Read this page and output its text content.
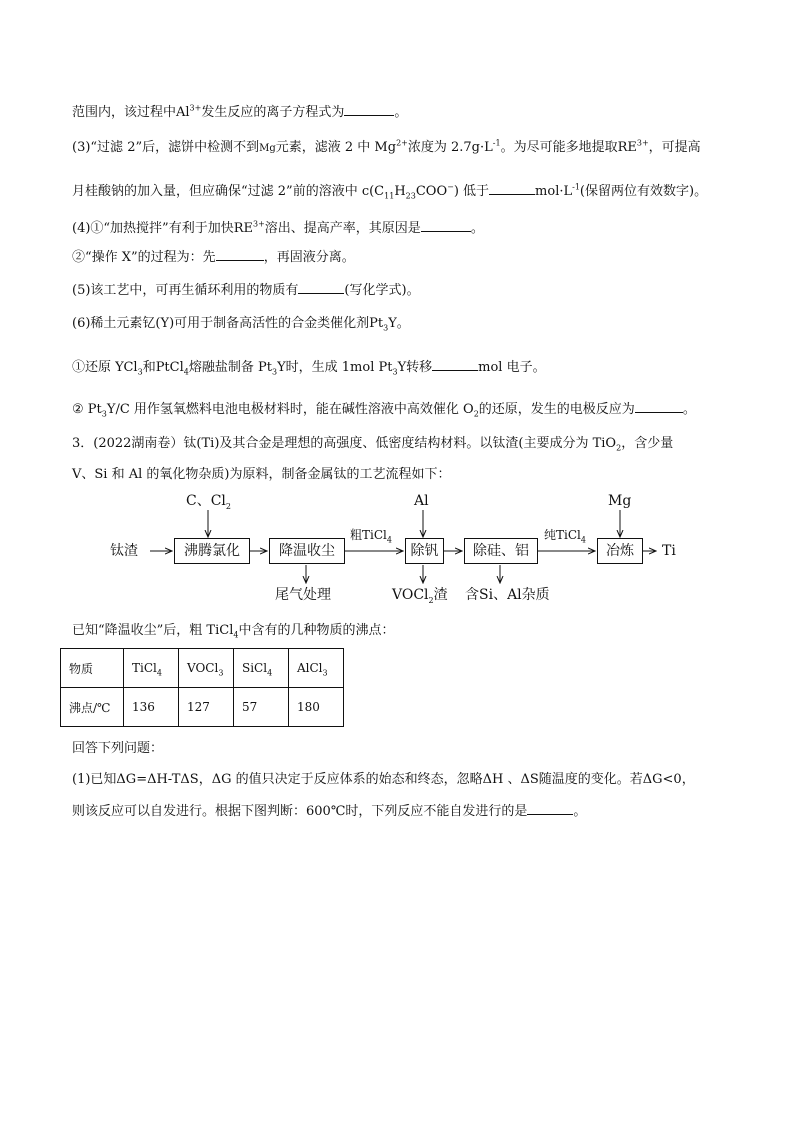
范围内，该过程中$Al^{3+}$发生反应的离子方程式为	。
(3)“过滤 2”后，滤饼中检测不到Mg元素，滤液 2 中 $Mg^{2+}$浓度为 $2.7g\cdot L^{-1}$。为尽可能多地提取$RE^{3+}$，可提高
月桂酸钠的加入量，但应确保“过滤 2”前的溶液中 $c(C_{11}H_{23}COO^-)$ 低于	$mol\cdot L^{-1}$(保留两位有效数字)。
(4)①“加热搅拌”有利于加快$RE^{3+}$溶出、提高产率，其原因是	。
②“操作 X”的过程为：先	，再固液分离。
(5)该工艺中，可再生循环利用的物质有	(写化学式)。
(6)稀土元素钇(Y)可用于制备高活性的合金类催化剂$Pt_3Y$。
①还原 YCl$_3$和PtCl$_4$熔融盐制备 $Pt_3Y$时，生成 1mol $Pt_3Y$转移	mol 电子。
② $Pt_3Y/C$ 用作氢氧燃料电池电极材料时，能在碱性溶液中高效催化 $O_2$的还原，发生的电极反应为	。
3．(2022湖南卷）钛(Ti)及其合金是理想的高强度、低密度结构材料。以钛渣(主要成分为 TiO$_2$，含少量
V、Si 和 Al 的氧化物杂质)为原料，制备金属钛的工艺流程如下：
钛渣	沸腾氯化	降温收尘	除钒	除硅、铝	冶炼	Ti
C、$Cl_2$	Al	Mg
粗TiCl$_4$	纯TiCl$_4$
尾气处理	VOCl$_2$渣 含Si、Al杂质
已知“降温收尘”后，粗 TiCl$_4$中含有的几种物质的沸点：
物质	TiCl$_4$	VOCl$_3$	SiCl$_4$	AlCl$_3$
沸点/℃	136	127	57	180
回答下列问题：
(1)已知ΔG=ΔH-TΔS，ΔG 的值只决定于反应体系的始态和终态，忽略ΔH 、ΔS随温度的变化。若ΔG<0，
则该反应可以自发进行。根据下图判断：600℃时，下列反应不能自发进行的是	。
